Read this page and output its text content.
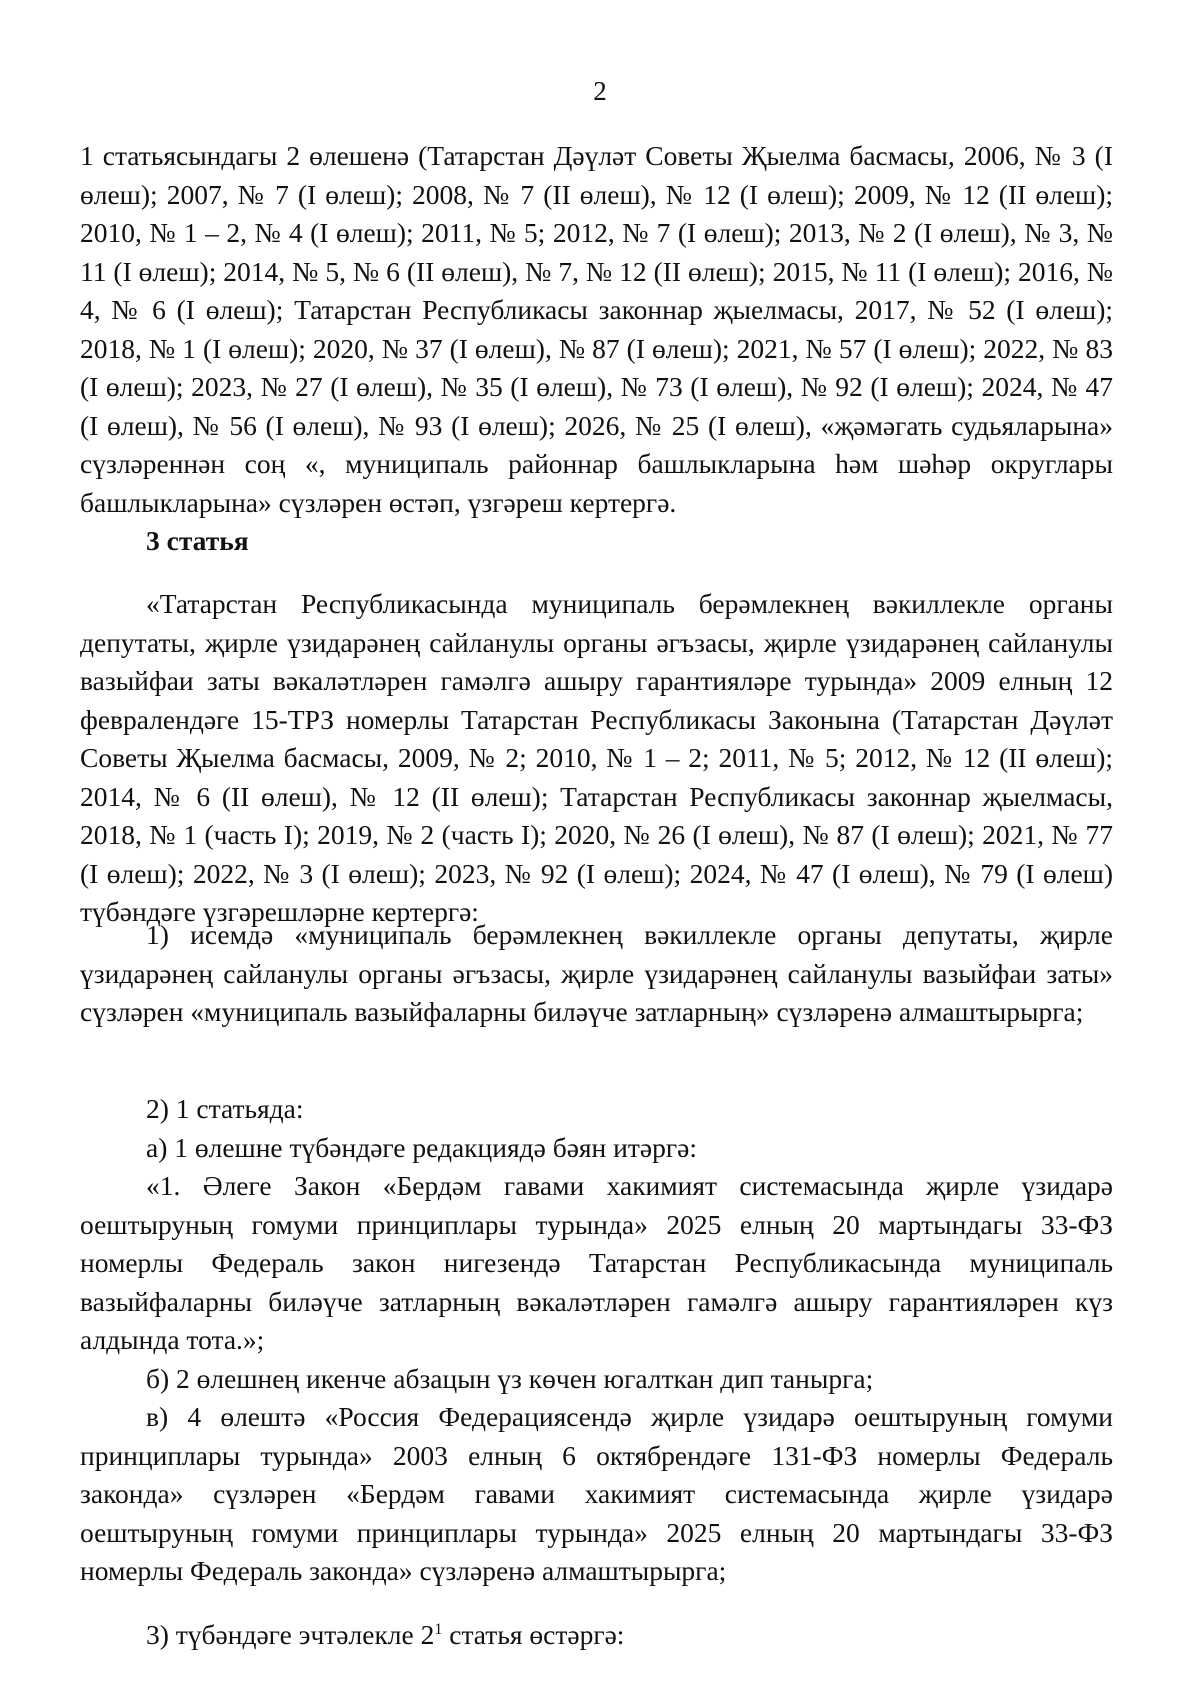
2

1 статьясындагы 2 өлешенә (Татарстан Дәүләт Советы Җыелма басмасы, 2006, № 3 (I өлеш); 2007, № 7 (I өлеш); 2008, № 7 (II өлеш), № 12 (I өлеш); 2009, № 12 (II өлеш); 2010, № 1 – 2, № 4 (I өлеш); 2011, № 5; 2012, № 7 (I өлеш); 2013, № 2 (I өлеш), № 3, № 11 (I өлеш); 2014, № 5, № 6 (II өлеш), № 7, № 12 (II өлеш); 2015, № 11 (I өлеш); 2016, № 4, № 6 (I өлеш); Татарстан Республикасы законнар җыелмасы, 2017, № 52 (I өлеш); 2018, № 1 (I өлеш); 2020, № 37 (I өлеш), № 87 (I өлеш); 2021, № 57 (I өлеш); 2022, № 83 (I өлеш); 2023, № 27 (I өлеш), № 35 (I өлеш), № 73 (I өлеш), № 92 (I өлеш); 2024, № 47 (I өлеш), № 56 (I өлеш), № 93 (I өлеш); 2026, № 25 (I өлеш), «җәмәгать судьяларына» сүзләреннән соң «, муниципаль районнар башлыкларына һәм шәһәр округлары башлыкларына» сүзләрен өстәп, үзгәреш кертергә.

3 статья

«Татарстан Республикасында муниципаль берәмлекнең вәкиллекле органы депутаты, җирле үзидарәнең сайланулы органы әгъзасы, җирле үзидарәнең сайланулы вазыйфаи заты вәкаләтләрен гамәлгә ашыру гарантияләре турында» 2009 елның 12 февралендәге 15-ТРЗ номерлы Татарстан Республикасы Законына (Татарстан Дәүләт Советы Җыелма басмасы, 2009, № 2; 2010, № 1 – 2; 2011, № 5; 2012, № 12 (II өлеш); 2014, № 6 (II өлеш), № 12 (II өлеш); Татарстан Республикасы законнар җыелмасы, 2018, № 1 (часть I); 2019, № 2 (часть I); 2020, № 26 (I өлеш), № 87 (I өлеш); 2021, № 77 (I өлеш); 2022, № 3 (I өлеш); 2023, № 92 (I өлеш); 2024, № 47 (I өлеш), № 79 (I өлеш) түбәндәге үзгәрешләрне кертергә:

1) исемдә «муниципаль берәмлекнең вәкиллекле органы депутаты, җирле үзидарәнең сайланулы органы әгъзасы, җирле үзидарәнең сайланулы вазыйфаи заты» сүзләрен «муниципаль вазыйфаларны биләүче затларның» сүзләренә алмаштырырга;

2) 1 статьяда:

а) 1 өлешне түбәндәге редакциядә бәян итәргә:

«1. Әлеге Закон «Бердәм гавами хакимият системасында җирле үзидарә оештыруның гомуми принциплары турында» 2025 елның 20 мартындагы 33-ФЗ номерлы Федераль закон нигезендә Татарстан Республикасында муниципаль вазыйфаларны биләүче затларның вәкаләтләрен гамәлгә ашыру гарантияләрен күз алдында тота.»;

б) 2 өлешнең икенче абзацын үз көчен югалткан дип танырга;

в) 4 өлештә «Россия Федерациясендә җирле үзидарә оештыруның гомуми принциплары турында» 2003 елның 6 октябрендәге 131-ФЗ номерлы Федераль законда» сүзләрен «Бердәм гавами хакимият системасында җирле үзидарә оештыруның гомуми принциплары турында» 2025 елның 20 мартындагы 33-ФЗ номерлы Федераль законда» сүзләренә алмаштырырга;

3) түбәндәге эчтәлекле $2^1$ статья өстәргә:
